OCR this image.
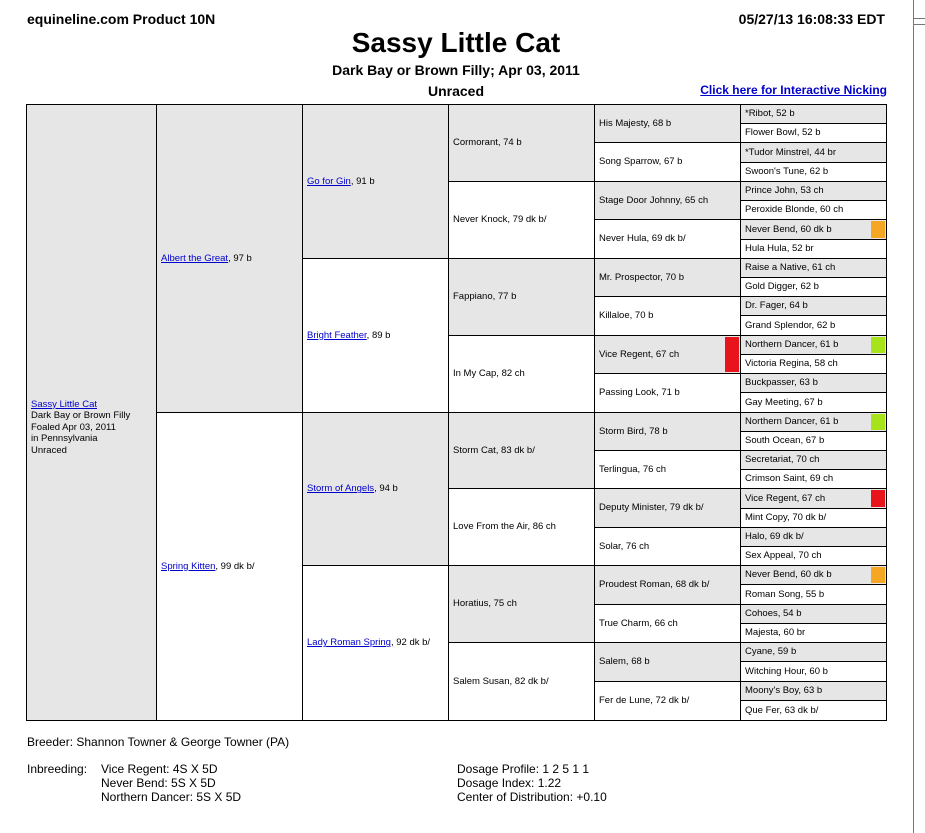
equineline.com Product 10N	05/27/13 16:08:33 EDT
Sassy Little Cat
Dark Bay or Brown Filly; Apr 03, 2011
Unraced	Click here for Interactive Nicking
Sassy Little Cat
Dark Bay or Brown Filly
Foaled Apr 03, 2011
in Pennsylvania
Unraced
Albert the Great, 97 b
Spring Kitten, 99 dk b/
Go for Gin, 91 b
Bright Feather, 89 b
Storm of Angels, 94 b
Lady Roman Spring, 92 dk b/
Cormorant, 74 b
Never Knock, 79 dk b/
Fappiano, 77 b
In My Cap, 82 ch
Storm Cat, 83 dk b/
Love From the Air, 86 ch
Horatius, 75 ch
Salem Susan, 82 dk b/
His Majesty, 68 b
Song Sparrow, 67 b
Stage Door Johnny, 65 ch
Never Hula, 69 dk b/
Mr. Prospector, 70 b
Killaloe, 70 b
Vice Regent, 67 ch
Passing Look, 71 b
Storm Bird, 78 b
Terlingua, 76 ch
Deputy Minister, 79 dk b/
Solar, 76 ch
Proudest Roman, 68 dk b/
True Charm, 66 ch
Salem, 68 b
Fer de Lune, 72 dk b/
*Ribot, 52 b
Flower Bowl, 52 b
*Tudor Minstrel, 44 br
Swoon's Tune, 62 b
Prince John, 53 ch
Peroxide Blonde, 60 ch
Never Bend, 60 dk b
Hula Hula, 52 br
Raise a Native, 61 ch
Gold Digger, 62 b
Dr. Fager, 64 b
Grand Splendor, 62 b
Northern Dancer, 61 b
Victoria Regina, 58 ch
Buckpasser, 63 b
Gay Meeting, 67 b
Northern Dancer, 61 b
South Ocean, 67 b
Secretariat, 70 ch
Crimson Saint, 69 ch
Vice Regent, 67 ch
Mint Copy, 70 dk b/
Halo, 69 dk b/
Sex Appeal, 70 ch
Never Bend, 60 dk b
Roman Song, 55 b
Cohoes, 54 b
Majesta, 60 br
Cyane, 59 b
Witching Hour, 60 b
Moony's Boy, 63 b
Que Fer, 63 dk b/
Breeder: Shannon Towner & George Towner (PA)
Inbreeding: Vice Regent: 4S X 5D
Never Bend: 5S X 5D
Northern Dancer: 5S X 5D
Dosage Profile: 1 2 5 1 1
Dosage Index: 1.22
Center of Distribution: +0.10
